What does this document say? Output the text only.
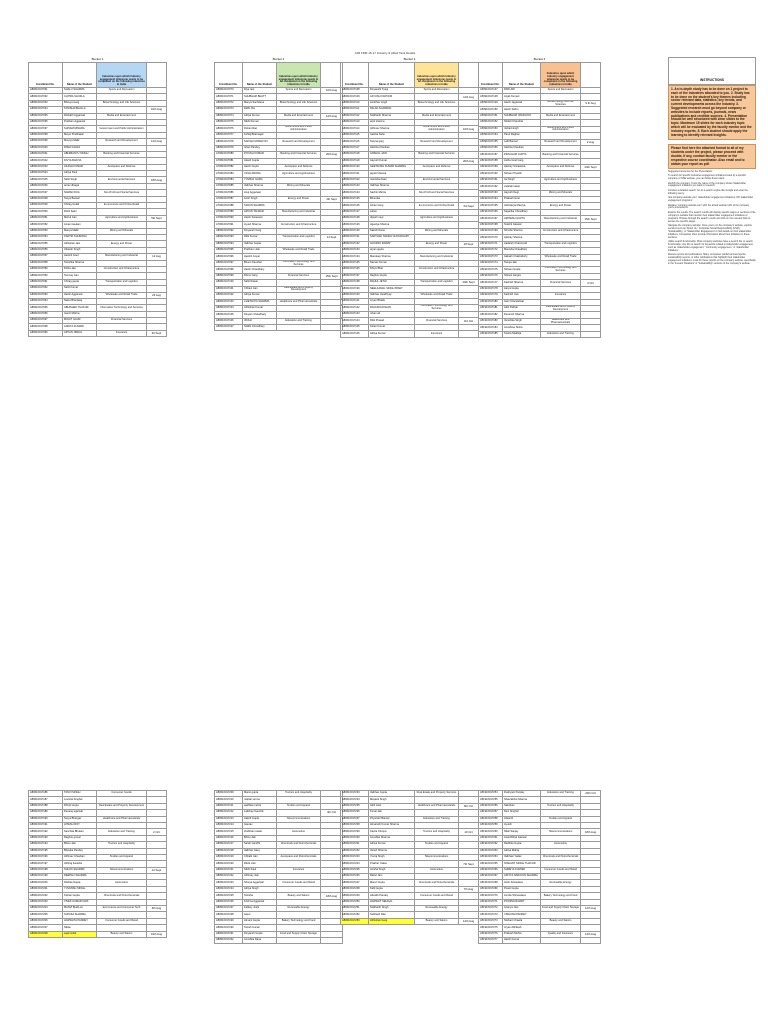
AIM FRM 16-17 Industry & Allied Task Details
Bucket 1
Enrollment No.	Name of the Student	Industries upon which Industry engagement milestone needs to be completed on the following industries in India	
A80616017031	SHALU SHARMA	Sports and Recreation	
A80616017032	CHITRA SHUKLA		
A80616017033	Bhavya Garg	Biotechnology and Life Sciences	
A80616017034	TANISHA BHALLA		10th Aug
A80616017035	Rishabh Aggarwal	Media and Entertainment	
A80616017036	Pratham Aggarwal		
A80616017037	SHIVAM MISHRA	Government and Public Administration	
A80616017038	Mayur Prabhakar		
A80616017039	Mourya Malik	Research and Development	12th Aug
A80616017040	RISHI KALRA		
A80616017041	ABHIMANYU SINGH	Banking and Financial Services	
A80616017042	DIVYA BHATIA		
A80616017043	AKASH KUMAR	Aerospace and Defense	
A80616017044	Aditya Paul		
A80616017045	Sahil Singh	Environmental Services	18th Aug
A80616017046	arnav dhagat		
A80616017047	NAMAN DUA	Non-Profit and Social Services	
A80616017048	Tanya Bansal		
A80616017049	Chirag Gulati	E-commerce and Online Retail	
A80616017050	Rohit Saini		
A80616017051	Mehul Jain	Agriculture and Agribusiness	5th Sept
A80616017052	Aman Gautam		
A80616017053	Manya Malik	Mining and Minerals	
A80616017054	KARTIK KHURANA		
A80616017055	Abhishek Jain	Energy and Power	
A80616017056	Utkarsh Singh		
A80616017057	Harshit Goel	Manufacturing and Industrial	12 Aug
A80616017058	Tanishka Sharma		
A80616017059	Disha Jain	Construction and Infrastructure	
A80616017060	Tanmay Jain		
A80616017061	Chirag gupta	Transportation and Logistics	
A80616017062	Sahil Kumar		
A80616017063	Harsh Aggarwal	Wholesale and Retail Trade	26 Aug
A80616017064	Nakul Bhardwaj		
A80616017065	ABHISHEK THAKUR	Information Technology and Services	
A80616017066	Garvit Mishra		
A80616017067	MOHIT GAUR	Financial Services	
A80616017068	ANKITA KUMARI		
A80616017069	ARYAN JINDAL	Insurance	30 Sept
Bucket 2
Enrollment No.	Name of the Student	Industries upon which Industry engagement milestone needs to be completed on the following industries in India	
A80616017070	Riya rani	Sports and Recreation	10th Aug
A80616017071	SHUBHAM BHATT		
A80616017072	Manya Sachdeva	Biotechnology and Life Sciences	
A80616017073	Ridhi Jha		
A80616017074	Aditya Kumar	Media and Entertainment	12th Aug
A80616017075	Nikhil Kumar		
A80616017076	Rohan Rao	Government and Public Administration	
A80616017077	Kshitij Bhatnagar		
A80616017078	SAKSHI UPADHYAY	Research and Development	
A80616017079	Ishan Pandey		
A70616017080	PIYUSH KUMAR	Banking and Financial Services	20th Aug
A70616017081	Akash Gupta		
A70616017082	Harsh Gupta	Aerospace and Defense	
A70616017083	YASH ARORA	Agriculture and Agribusiness	
A70616017084	YUVRAJ GARG		
A70616017085	Vaibhav Sharma	Mining and Minerals	
A70616017086	Anuj Aggarwal		
A70616017087	Ansh Singh	Energy and Power	4th Sept
A70616017088	TARUN SHARMA		
A70616017089	ARYAN TALWAR	Manufacturing and Industrial	
A70616017090	Harsh Saraswat		
A70616017091	Ayush Sharma	Construction and Infrastructure	
A80616017092	Divyansh Garg		
A80616017093	Ritik Kumar	Transportation and Logistics	14 Sept
A80616017094	Vaibhav Gupta		
A80616017095	Prathami Jain	Wholesale and Retail Trade	
A80616017096	Harshit Goyal		
A80616017097	Bhumi Kaushal	Information Technology and Services	
A80616017098	Harsh Chaudhary		
A80616017099	Dhruv Garg	Financial Services	15th Sept
A80616017100	Sahil Rawat		
A80616017101	Chhavi Jain	Real Estate and Property Development	
A80616017102	Aditya Kumar		
A80616017103	CHETANYA SHARMA	Healthcare and Pharmaceuticals	
A80616017104	Abhishek Kumar		
A80616017105	Divyam Chaudhary		
A80616017106	Vibhuti	Education and Training	
A80616017107	Siddhi Choudhary		
Bucket 3
Enrollment No.	Name of the Student	Industries upon which Industry engagement milestone needs to be completed on the following industries in India	
A80616017108	Divyanshi Tyagi	Sports and Recreation	
A80616017109	AAYUSH KAPOOR		11th Aug
A80616017110	Anubhav singh	Biotechnology and Life Sciences	
A80616017111	PALAK AGARWAL		
A80616017112	Siddharth Sharma	Media and Entertainment	
A80616017113	arpit sharma		
A80616017114	Abhinav Sharma	Government and Public Administration	16th Aug
A80616017115	Aastha Sahu		
A80616017116	Taruna garg	Research and Development	
A80616017117	Akshita Chauhan		
A80616017118	ANSHUL JAIN	Banking and Financial Services	
A80616017119	Aayush Kumar		20th Aug
A80616017120	GEETANSH KUMAR SHARMA	Aerospace and Defense	
A80616017121	jayant khanna		
A80616017122	manisha dwan	Environmental Services	
A80616017123	Vaibhav Sharma		
A80616017124	Sachin Mehra	Non-Profit and Social Services	
A80616017125	Bhumika		
A80616017126	Aman Garg	E-commerce and Online Retail	3rd Sept
A80616017127	Aarav		
A80616017128	dipesh negi	Agriculture and Agribusiness	
A80616017129	Agastya Sharma		
A80616017130	Sakshi Rana	Mining and Minerals	
A80616017131	SARTHAK NANDA CHOUDHARY		
A80616017132	GOURAV RAWAT	Energy and Power	18 Sept
A80616017133	aryan gupta		
A80616017134	Mandeep Sharma	Manufacturing and Industrial	
A80616017135	Naman Kumar		
A80616017136	Dhruv Bhat	Construction and Infrastructure	
A80616017137	Raghav Gupta		
A80616017138	RAHUL JETHI	Transportation and Logistics	20th Sept
A80616017139	NEELKAMAL SINGH BISHT		
A80616017140	Vaibhav Upadhyay	Wholesale and Retail Trade	
A80616017141	Aryan Bhalla		
A80616017142	RACHNA ROHAN	Information Technology and Services	
A80616017143	rohan ali		
A80616017144	Ritik Prasad	Financial Services	3rd Oct
A80616017145	Ketan Kumar		
A80616017146	Aditya Kumar	Insurance	
Bucket 4
Enrollment No.	Name of the Student	Industries upon which Industry engagement milestone needs to be completed on the following industries in India	
A50916017147	PARI ARI	Sports and Recreation	
A50916017148	Anjali Kumari		
A50916017149	Harsh Jagarwal	Biotechnology and Life Sciences	9 th Aug
A50916017150	Harsh Sahni		
A50916017151	SHUBHAM UPADHYAY	Media and Entertainment	
A50916017152	Shiksh Khandral		
A50916017153	nishad singh	Government and Public Administration	
A50916017154	Parul Raghav		
A50916017155	Lalit Bansal	Research and Development	2 Aug
A50916017156	Akshita Chauhan		
A51916017157	PRACHAM GUPTA	Banking and Financial Services	
A51916017158	Astha Goel Garg		
A51916017159	Akshay Srivastava	Aerospace and Defense	24th Sept
A51916017160	Shivani Tripathi		
A51916017161	Jai Singh	Agriculture and Agribusiness	
A51916017162	vaishali rawat		
A51916017163	Aayush Negi	Mining and Minerals	
A51916017164	Prakash Goel		
A51916017165	Aishwarya Maurya	Energy and Power	
A51916017166	Sagarika Choudhary		
A51916017167	AMITESH GUPTA	Manufacturing and Industrial	15th Sept
A51916017168	Srashti Jaiswal		
A51916017169	Shrishti Sharma	Construction and Infrastructure	
A51916017170	Akshay Sharma		
A51916017171	Aadarsh Chaturvedi	Transportation and Logistics	
A51916017172	Manisha Chaudhary		
A51916017173	Aakash Chakraborty	Wholesale and Retail Trade	
A51916017174	Tanuja Jain		
A51916017175	Shivani Gupta	Information Technology and Services	
A51916017176	Srikant Jangra		
A51916017177	Kashish Sharma	Financial Services	3 Oct
A51916017178	Aarya Gupta		
A51916017179	Kashish Jain	Insurance	
A51916017180	Garv Khandelwal		
A51916017181	Aditi Pathak	Real Estate and Property Development	
A51916017182	Devansh Sharma		
A51916017183	Vanshika Singh	Healthcare and Pharmaceuticals	
A51916017184	Anushree Sinha		
A51916017185	Sneha Makhija	Education and Training	
INSTRUCTIONS
1. An in-depth study has to be done on 1 project to each of the industries allocated to you. 2. Study has to be done on the student's key themes including sector relevant data, statistics, key trends, and current developments across the industry. 3. Suggested research must go beyond company or websites to include reports, journals, news publications and credible sources. 4. Presentation should be well structured with clear slides to the topic. Maximum 15 slides for each industry topic which will be evaluated by the faculty mentor and the industry experts. 5. Each student should apply the learning to identify relevant insights.
Please find here the attached format to all of my students under the project, please proceed with doubts. If any, contact faculty mentor or the respective course coordinator. Also email and to obtain your report as pdf.
Suggested resources for the Presentation:
To search for specific Industries engagement initiatives listed by a specific company or NSE website, you can follow these steps:
Identify the company: Know the name of the company whose Stakeholder engagement initiatives you want to research.
Conduct a detailed search: Go to a search engine like Google and enter the following query:
'site:company-website.com' 'stakeholder engagement initiatives' OR 'stakeholder engagement programs'
Replace 'company-website.com' with the actual website URL of the company you're interested in.
Explore the results: The search results will display specific pages or sections of the company's website that mention their stakeholder engagement initiatives or programs. Browse through the search results and click on the relevant links to access the specific pages.
Navigate the company website: Once you're on the company's website, explore sections such as 'About Us,' 'Corporate Social Responsibility (CSR),' 'Sustainability,' or 'Stakeholder Engagement' to find details on their stakeholder initiatives. Companies often provide information about their initiatives in these sections.
Utilize search functionality: Most company websites have a search bar or search functionality. Use this to search for keywords related to stakeholder engagement, such as 'stakeholder engagement,' 'community engagement,' or 'stakeholder initiatives.'
Review reports and publications: Many companies publish annual reports, sustainability reports, or other publications that highlight their stakeholder engagement initiatives. Look for these reports on the company website, specifically in the 'Investor Relations' or 'Sustainability' sections of the company's website.
A80616017186	TANVI SINGH	Consumer Goods	
A80616017187	Lovisha Singhal		
A80616017188	Dhruti Gupta	Real Estate and Property Development	
A80616017189	Devang agarwal		
A80616017190	Tanya Bhargav	Healthcare and Pharmaceuticals	
A80616017191	HITESH ROY		
A80616017192	Sanchita Bhutani	Education and Training	2 Oct
A80616017193	Raghav grover		
A80616017194	Bhavi Jain	Tourism and Hospitality	
A80616017195	Bhavika Pandey		
A80616017196	Abhinav Chauhan	Textiles and Apparel	
A80616017197	Abhiraj Kaushik		
A80616017198	SHLOK SHARMA	Telecommunications	12 Sept
A80616017199	DEEPALI SHARMA		
A80616017200	Rishika Gupta	Automotive	
A80616017201	YUVANSH SINGH		
A80616017202	Kishan Gupta	Chemicals and Petrochemicals	
A80616017203	VIVEK KUMAR NAIK		
A80616017204	MANVI BHALLA	Ecommerce and Consumer Tech	6th Aug
A80616017205	SHIVIKA SHARMA		
A80616017206	HARSHITA PANDEY	Consumer Goods and Retail	
A80616017207	Nikita		
A80616017208	sajal mittal	Beauty and Salons	19th Aug
A80616017209	Mansi gupta	Tourism and Hospitality	
A80616017210	mahak verma		
A80616017211	aashika mehra	Textiles and Apparel	
A80616017212	Lakshay Kaushik		4th Oct
A80616017213	Aakriti Gupta	Telecommunications	
A80616017214	Gaurav		
A80616017215	shubham rawat	Automotive	
A80616017216	Bhavi Jain		
A80616017217	Sarah Gandhi	Chemicals and Petrochemicals	
A80616017218	Vaibhav Garg		
A80616017219	Chhabi Jain	Aerospace and Petrochemicals	
A80616017220	Ritvik Jain		
A80616017221	Nikhil Kaul	Insurance	
A80616017222	Abhinay Jain		
A80616017223	Shreya Aggarwal	Consumer Goods and Retail	
A80616017224	Aditya Singh		
A80616017225	Tanisha	Beauty and Salons	18th Aug
A80616017226	Krishna Aggarwal		
A80616017227	Kalikey Joshi	Renewable Energy	
A80616017228	Gauri		
A80616017229	Himani Gupta	Bakery Technology and Food	
A80616017230	Tanish Kumar		
A80616017231	Divyansh Gupta	Food and Supply Chain Storage	
A80616017232	Anushka Rana		
A80616017233	Vaibhav Gupta	Real Estate and Property Services	
A80616017234	Mayank Singh		
A80616017235	Aditi Goel	Healthcare and Pharmaceuticals	6th Oct
A80616017236	Kunal Jain		
A80616017237	Priyanshi Bansal	Education and Training	
A80616017238	Himanshi Kumar Sharma		
A80616017239	Kavita Chopra	Tourism and Hospitality	10 Oct
A80616017240	Anushka Sharma		
A80616017241	Aditya Kumar	Textiles and Apparel	
A80616017242	Vansh Sharma		
A80616017243	Yuvraj Singh	Telecommunications	
A80616017244	Prakhar Yadav		7th Sept
A80616017245	Anisha Singh	Automotive	
A80616017246	Rahul Jain		
A80616017247	Manvi Gupta	Chemicals and Petrochemicals	
A80616017248	Kalli Gupta		7th Aug
A80616017249	Advaith Pandey	Consumer Goods and Retail	
A80616017250	HARSHIT SEHGAL		
A80616017251	Siddharth Singh	Renewable Energy	
A80616017252	Subhash Rao		
A80616017253	Abhishek Garg	Beauty and Salons	12th Aug
A51916017254	Dushyant Pandey	Education and Training	20th Oct
A51916017255	Shaurabhai Sharma		
A51916017256	Saksham	Tourism and Hospitality	
A51916017257	Devi Singhal		
A51916017258	Alisanth	Textiles and Apparel	
A51916017259	Ayushi		
A51916017260	Nikki Sanjay	Telecommunications	18th Aug
A51916017261	Ananthbhai Jaiswal		
A51916017262	Radhika Gupta	Automotive	
A51916017263	Aditya Mahaj		
A51916017264	Vaibhavi Yadav	Chemicals and Petrochemicals	
A51916017265	NISHANT SINGH THAKUR		
A51916017266	SHREYA KUMARI	Consumer Goods and Retail	
A51916017267	ADITYA NARAYAN SHARMA		
A51916017268	Ansh Srivastava	Renewable Energy	
A51916017269	Preeti Gupta		
A51916017270	Amrita Shrivastava	Bakery Technology and Food	
A51916017271	POORVA RAWAT		
A51916017272	Ananya Jain	Food and Supply Chain Storage	12th Aug
A51916017273	VISHVAM PANDEY		
A51916017274	Nishant Chawla	Beauty and Salons	
A51916017275	Aryan Abhilash		
A51916017276	Prakash Mehra	Quality and Insurance	13th Aug
A51916017277	Harsh Kumar		
